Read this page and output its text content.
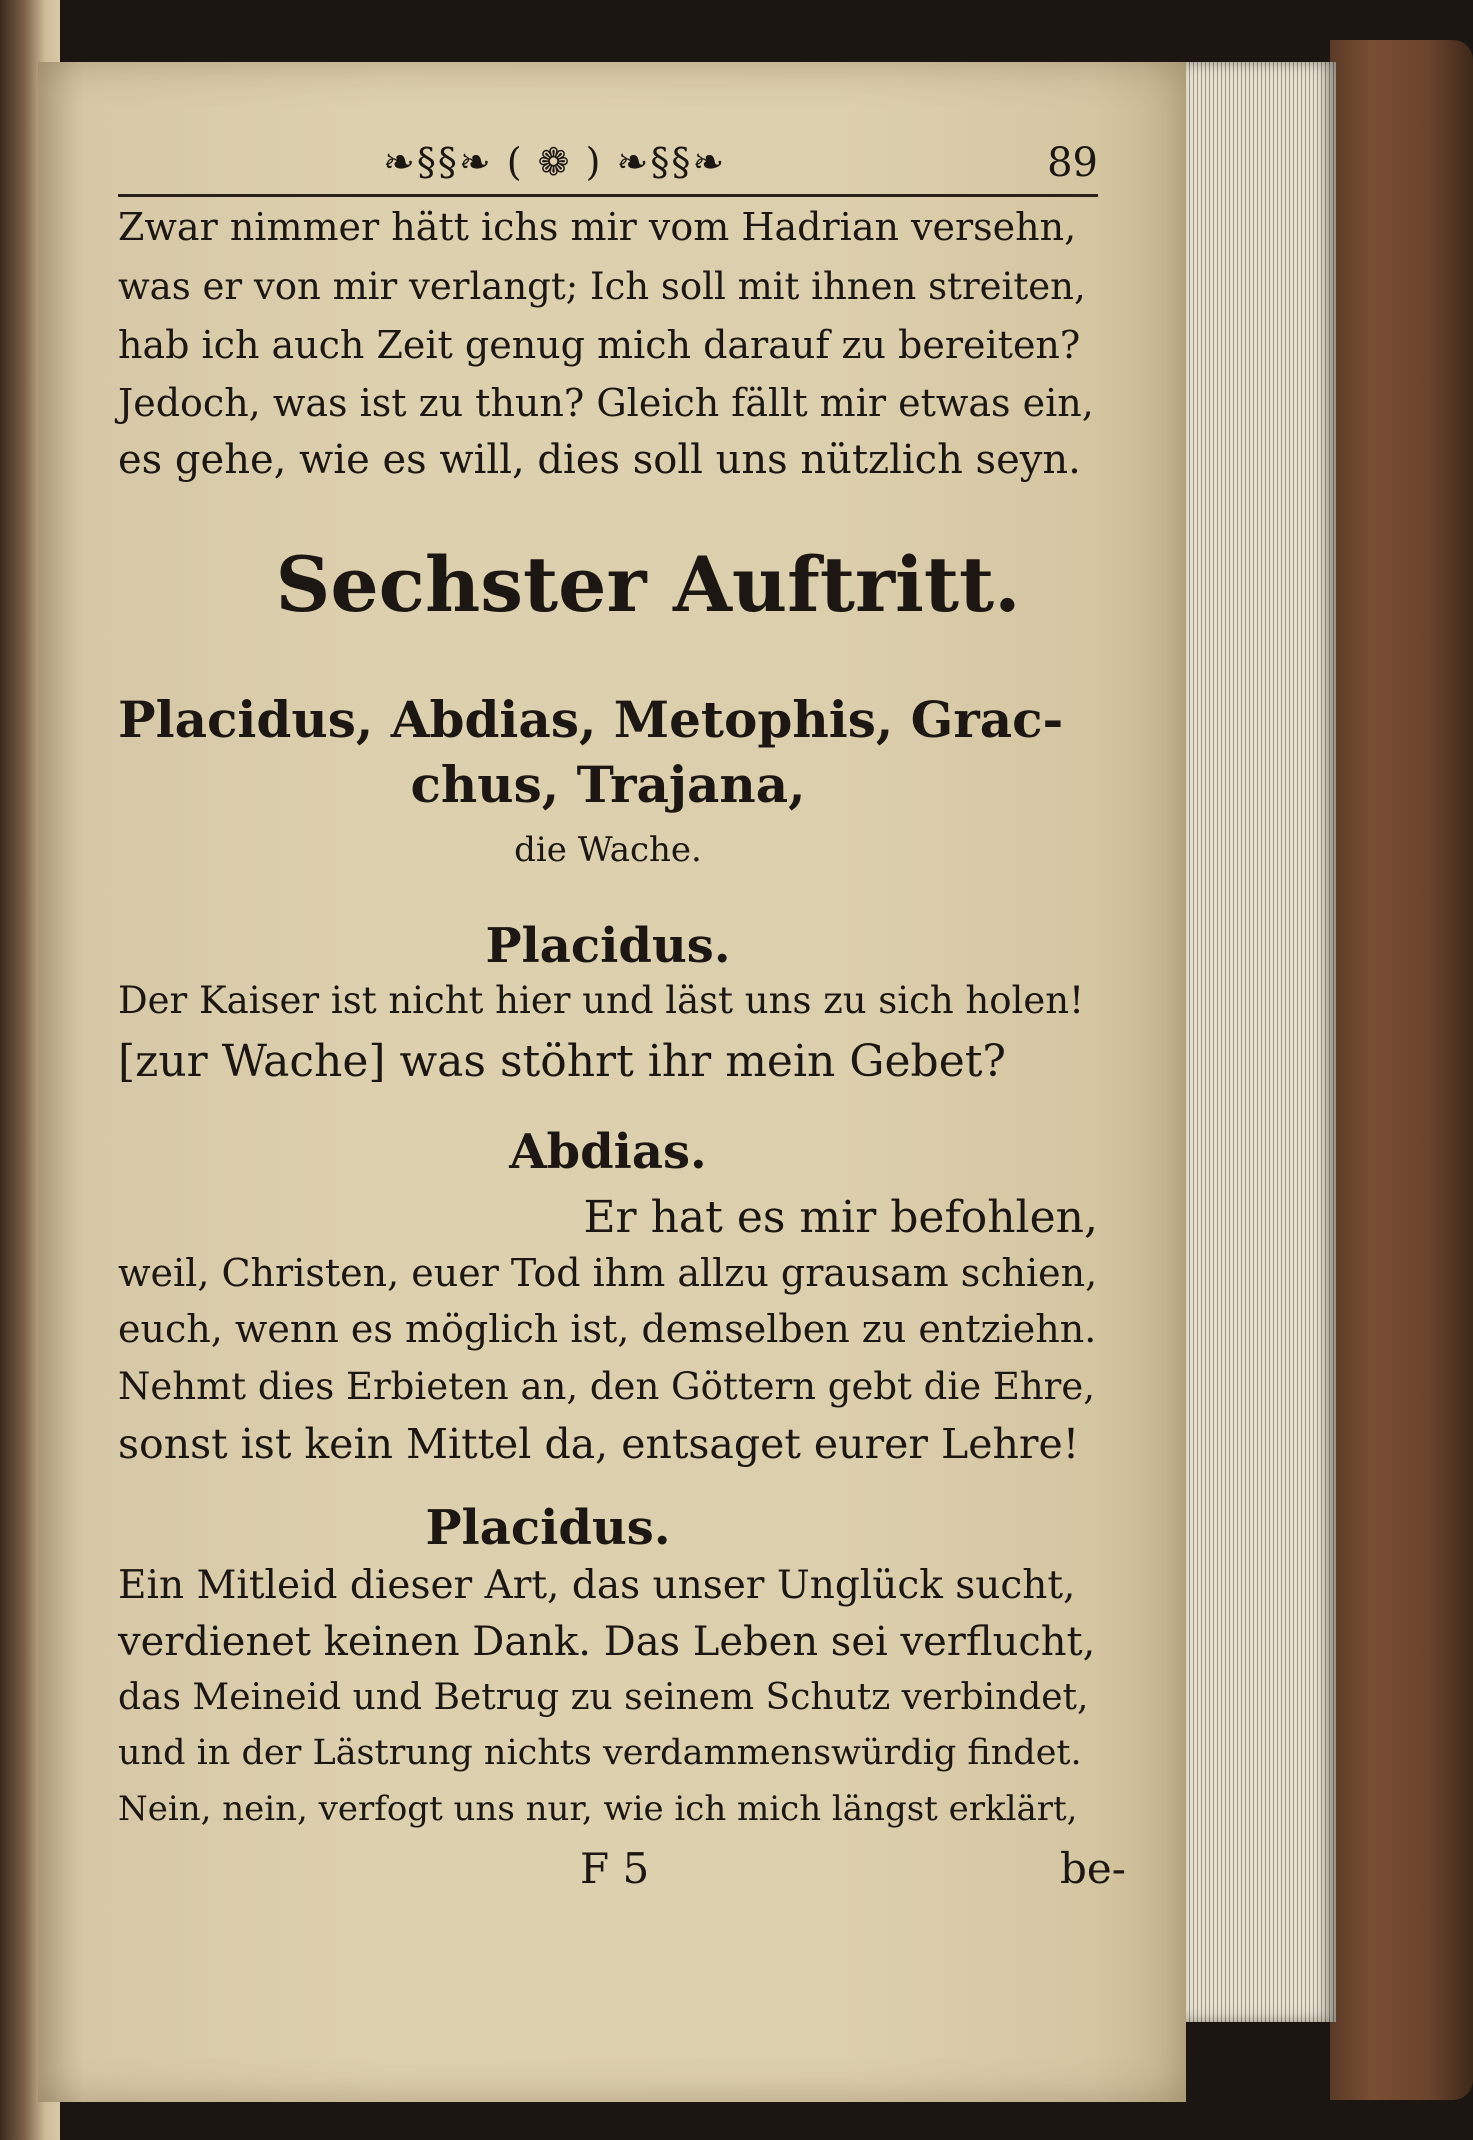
❧§§❧ ( ❁ ) ❧§§❧	89
Zwar nimmer hätt ichs mir vom Hadrian versehn,
was er von mir verlangt; Ich soll mit ihnen streiten,
hab ich auch Zeit genug mich darauf zu bereiten?
Jedoch, was ist zu thun? Gleich fällt mir etwas ein,
es gehe, wie es will, dies soll uns nützlich seyn.
Sechster Auftritt.
Placidus, Abdias, Metophis, Grac-
chus, Trajana,
die Wache.
Placidus.
Der Kaiser ist nicht hier und läst uns zu sich holen!
[zur Wache] was stöhrt ihr mein Gebet?
Abdias.
Er hat es mir befohlen,
weil, Christen, euer Tod ihm allzu grausam schien,
euch, wenn es möglich ist, demselben zu entziehn.
Nehmt dies Erbieten an, den Göttern gebt die Ehre,
sonst ist kein Mittel da, entsaget eurer Lehre!
Placidus.
Ein Mitleid dieser Art, das unser Unglück sucht,
verdienet keinen Dank. Das Leben sei verflucht,
das Meineid und Betrug zu seinem Schutz verbindet,
und in der Lästrung nichts verdammenswürdig findet.
Nein, nein, verfogt uns nur, wie ich mich längst erklärt,
F 5	be-
